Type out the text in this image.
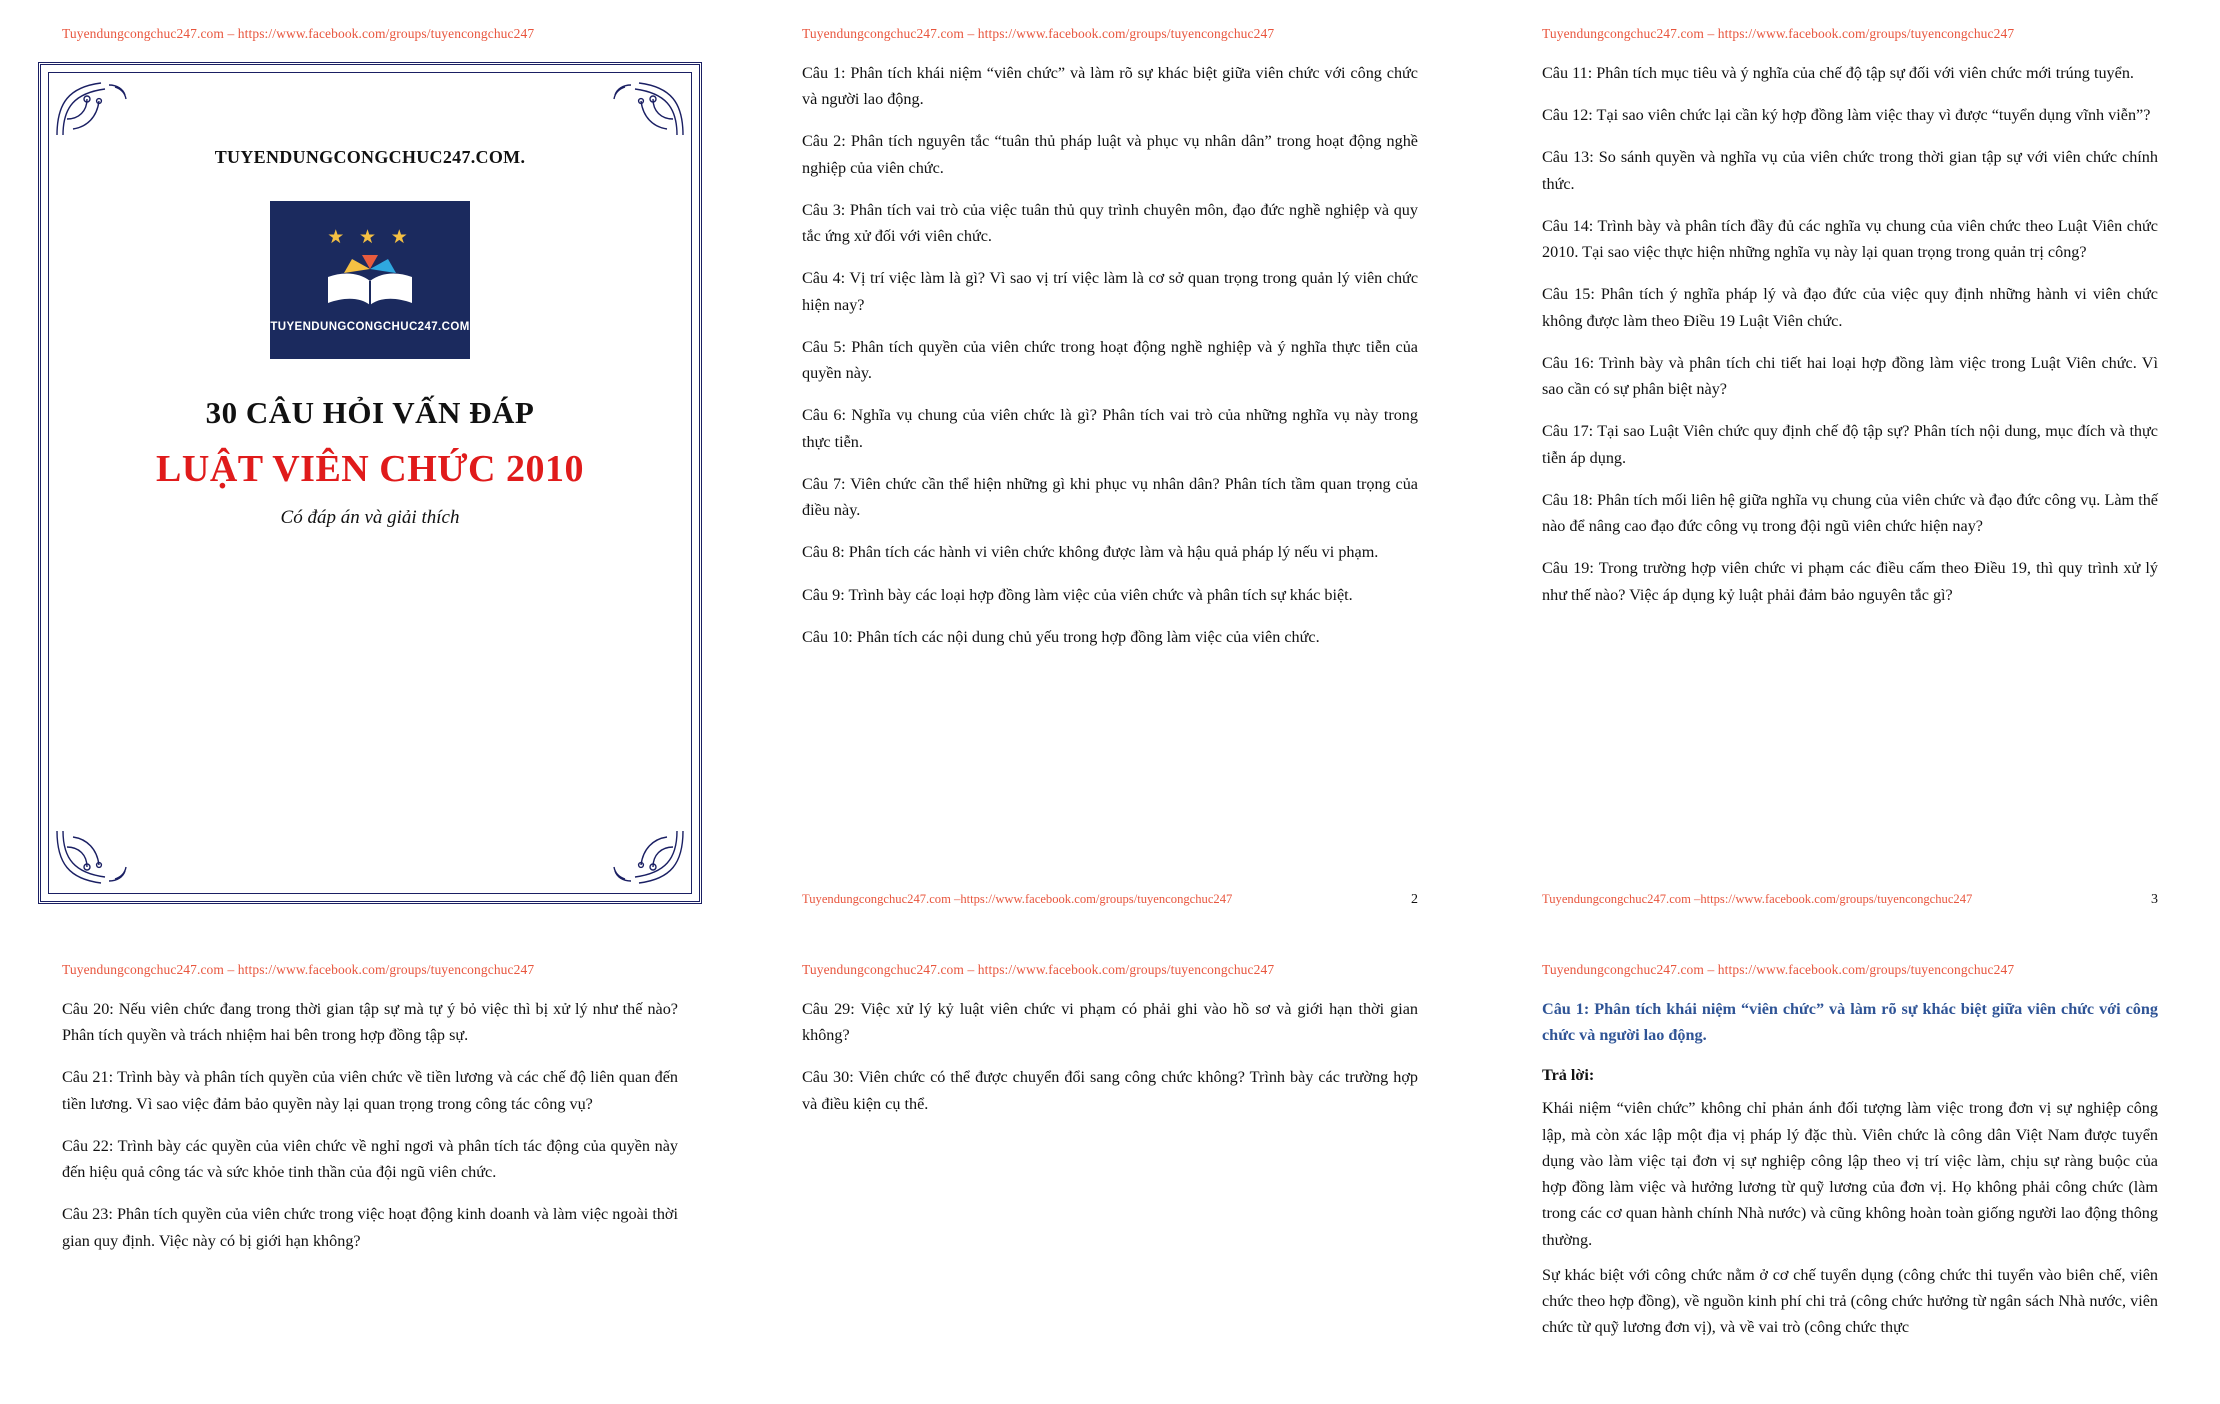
Tuyendungcongchuc247.com – https://www.facebook.com/groups/tuyencongchuc247
TUYENDUNGCONGCHUC247.COM.
★ ★ ★
TUYENDUNGCONGCHUC247.COM
30 CÂU HỎI VẤN ĐÁP
LUẬT VIÊN CHỨC 2010
Có đáp án và giải thích
Tuyendungcongchuc247.com – https://www.facebook.com/groups/tuyencongchuc247

Câu 1: Phân tích khái niệm “viên chức” và làm rõ sự khác biệt giữa viên chức với công chức và người lao động.

Câu 2: Phân tích nguyên tắc “tuân thủ pháp luật và phục vụ nhân dân” trong hoạt động nghề nghiệp của viên chức.

Câu 3: Phân tích vai trò của việc tuân thủ quy trình chuyên môn, đạo đức nghề nghiệp và quy tắc ứng xử đối với viên chức.

Câu 4: Vị trí việc làm là gì? Vì sao vị trí việc làm là cơ sở quan trọng trong quản lý viên chức hiện nay?

Câu 5: Phân tích quyền của viên chức trong hoạt động nghề nghiệp và ý nghĩa thực tiễn của quyền này.

Câu 6: Nghĩa vụ chung của viên chức là gì? Phân tích vai trò của những nghĩa vụ này trong thực tiễn.

Câu 7: Viên chức cần thể hiện những gì khi phục vụ nhân dân? Phân tích tầm quan trọng của điều này.

Câu 8: Phân tích các hành vi viên chức không được làm và hậu quả pháp lý nếu vi phạm.

Câu 9: Trình bày các loại hợp đồng làm việc của viên chức và phân tích sự khác biệt.

Câu 10: Phân tích các nội dung chủ yếu trong hợp đồng làm việc của viên chức.

Tuyendungcongchuc247.com –https://www.facebook.com/groups/tuyencongchuc247	2
Tuyendungcongchuc247.com – https://www.facebook.com/groups/tuyencongchuc247

Câu 11: Phân tích mục tiêu và ý nghĩa của chế độ tập sự đối với viên chức mới trúng tuyển.

Câu 12: Tại sao viên chức lại cần ký hợp đồng làm việc thay vì được “tuyển dụng vĩnh viễn”?

Câu 13: So sánh quyền và nghĩa vụ của viên chức trong thời gian tập sự với viên chức chính thức.

Câu 14: Trình bày và phân tích đầy đủ các nghĩa vụ chung của viên chức theo Luật Viên chức 2010. Tại sao việc thực hiện những nghĩa vụ này lại quan trọng trong quản trị công?

Câu 15: Phân tích ý nghĩa pháp lý và đạo đức của việc quy định những hành vi viên chức không được làm theo Điều 19 Luật Viên chức.

Câu 16: Trình bày và phân tích chi tiết hai loại hợp đồng làm việc trong Luật Viên chức. Vì sao cần có sự phân biệt này?

Câu 17: Tại sao Luật Viên chức quy định chế độ tập sự? Phân tích nội dung, mục đích và thực tiễn áp dụng.

Câu 18: Phân tích mối liên hệ giữa nghĩa vụ chung của viên chức và đạo đức công vụ. Làm thế nào để nâng cao đạo đức công vụ trong đội ngũ viên chức hiện nay?

Câu 19: Trong trường hợp viên chức vi phạm các điều cấm theo Điều 19, thì quy trình xử lý như thế nào? Việc áp dụng kỷ luật phải đảm bảo nguyên tắc gì?

Tuyendungcongchuc247.com –https://www.facebook.com/groups/tuyencongchuc247	3
Tuyendungcongchuc247.com – https://www.facebook.com/groups/tuyencongchuc247

Câu 20: Nếu viên chức đang trong thời gian tập sự mà tự ý bỏ việc thì bị xử lý như thế nào? Phân tích quyền và trách nhiệm hai bên trong hợp đồng tập sự.

Câu 21: Trình bày và phân tích quyền của viên chức về tiền lương và các chế độ liên quan đến tiền lương. Vì sao việc đảm bảo quyền này lại quan trọng trong công tác công vụ?

Câu 22: Trình bày các quyền của viên chức về nghỉ ngơi và phân tích tác động của quyền này đến hiệu quả công tác và sức khỏe tinh thần của đội ngũ viên chức.

Câu 23: Phân tích quyền của viên chức trong việc hoạt động kinh doanh và làm việc ngoài thời gian quy định. Việc này có bị giới hạn không?

Tuyendungcongchuc247.com – https://www.facebook.com/groups/tuyencongchuc247

Câu 29: Việc xử lý kỷ luật viên chức vi phạm có phải ghi vào hồ sơ và giới hạn thời gian không?

Câu 30: Viên chức có thể được chuyển đổi sang công chức không? Trình bày các trường hợp và điều kiện cụ thể.

Tuyendungcongchuc247.com – https://www.facebook.com/groups/tuyencongchuc247

Câu 1: Phân tích khái niệm “viên chức” và làm rõ sự khác biệt giữa viên chức với công chức và người lao động.

Trả lời:

Khái niệm “viên chức” không chỉ phản ánh đối tượng làm việc trong đơn vị sự nghiệp công lập, mà còn xác lập một địa vị pháp lý đặc thù. Viên chức là công dân Việt Nam được tuyển dụng vào làm việc tại đơn vị sự nghiệp công lập theo vị trí việc làm, chịu sự ràng buộc của hợp đồng làm việc và hưởng lương từ quỹ lương của đơn vị. Họ không phải công chức (làm trong các cơ quan hành chính Nhà nước) và cũng không hoàn toàn giống người lao động thông thường.

Sự khác biệt với công chức nằm ở cơ chế tuyển dụng (công chức thi tuyển vào biên chế, viên chức theo hợp đồng), về nguồn kinh phí chi trả (công chức hưởng từ ngân sách Nhà nước, viên chức từ quỹ lương đơn vị), và về vai trò (công chức thực
